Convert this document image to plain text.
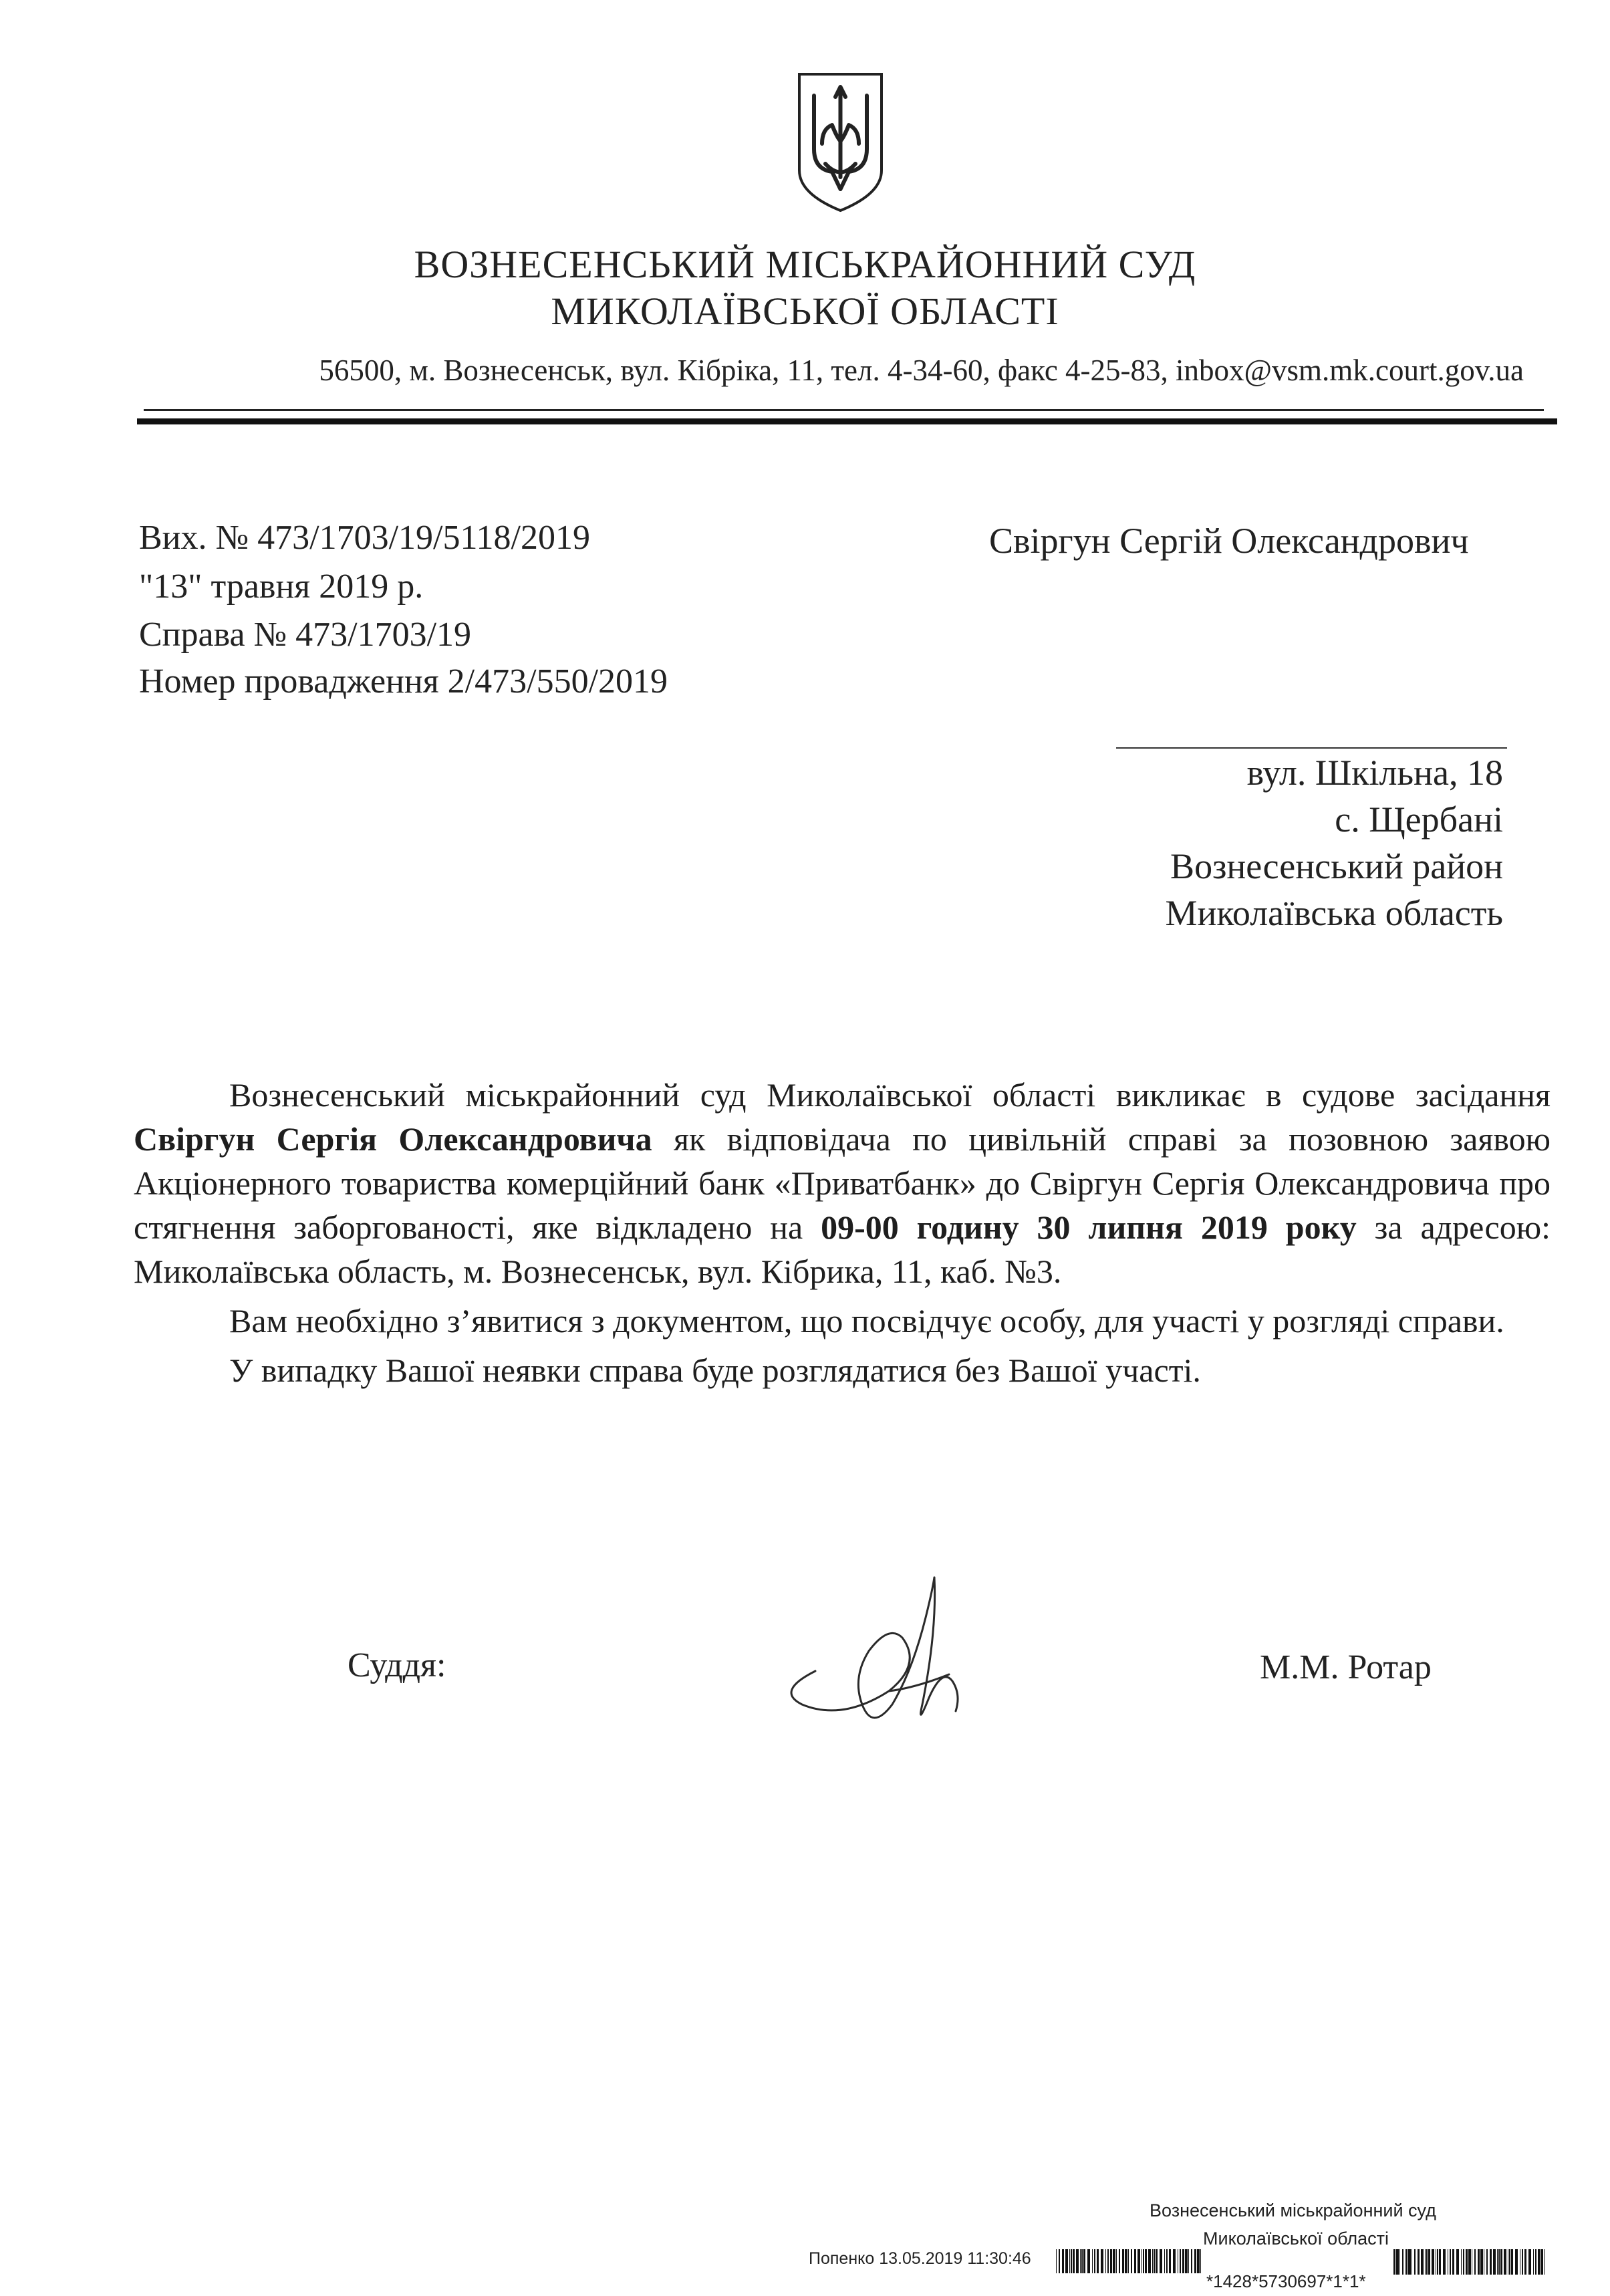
ВОЗНЕСЕНСЬКИЙ МІСЬКРАЙОННИЙ СУД
МИКОЛАЇВСЬКОЇ ОБЛАСТІ
56500, м. Вознесенськ, вул. Кібріка, 11, тел. 4-34-60, факс 4-25-83, inbox@vsm.mk.court.gov.ua
Вих. № 473/1703/19/5118/2019
"13" травня 2019 р.
Справа № 473/1703/19
Номер провадження 2/473/550/2019
Свіргун Сергій Олександрович
вул. Шкільна, 18
с. Щербані
Вознесенський район
Миколаївська область

Вознесенський міськрайонний суд Миколаївської області викликає в судове засідання Свіргун Сергія Олександровича як відповідача по цивільній справі за позовною заявою Акціонерного товариства комерційний банк «Приватбанк» до Свіргун Сергія Олександровича про стягнення заборгованості, яке відкладено на 09-00 годину 30 липня 2019 року за адресою: Миколаївська область, м. Вознесенськ, вул. Кібрика, 11, каб. №3.

Вам необхідно з’явитися з документом, що посвідчує особу, для участі у розгляді справи.

У випадку Вашої неявки справа буде розглядатися без Вашої участі.

Суддя:	М.М. Ротар
Вознесенський міськрайонний суд
Миколаївської області
Попенко 13.05.2019 11:30:46
*1428*5730697*1*1*
